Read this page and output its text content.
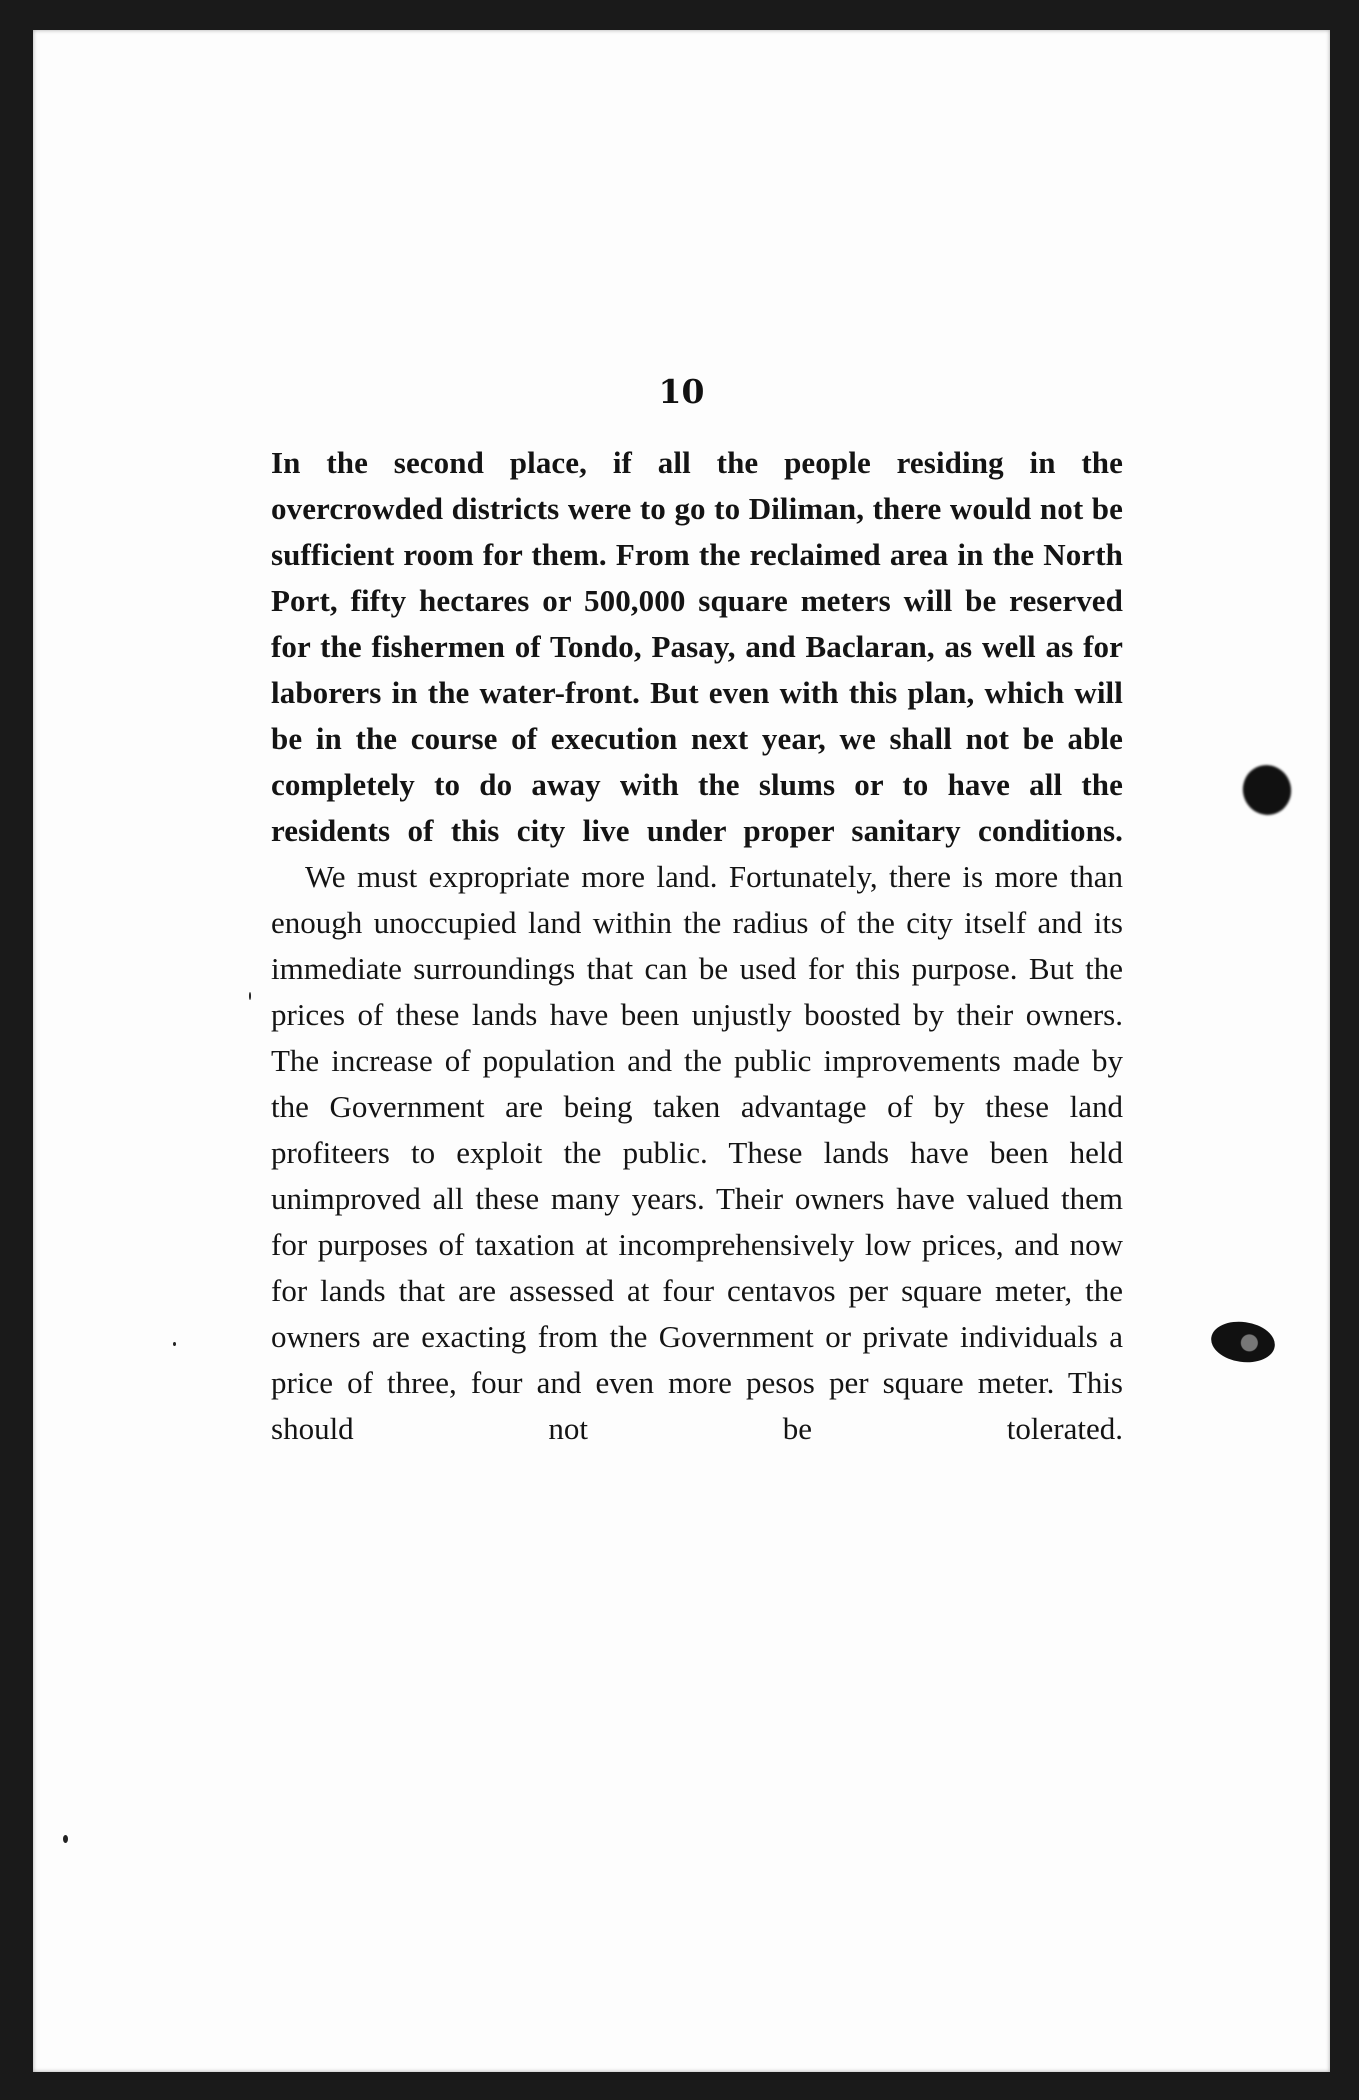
10

In the second place, if all the people residing in the overcrowded districts were to go to Diliman, there would not be sufficient room for them. From the reclaimed area in the North Port, fifty hectares or 500,000 square meters will be reserved for the fishermen of Tondo, Pasay, and Baclaran, as well as for laborers in the water-front. But even with this plan, which will be in the course of execution next year, we shall not be able completely to do away with the slums or to have all the residents of this city live under proper sanitary conditions.

We must expropriate more land. Fortunately, there is more than enough unoccupied land within the radius of the city itself and its immediate surroundings that can be used for this purpose. But the prices of these lands have been unjustly boosted by their owners. The increase of population and the public improvements made by the Government are being taken advantage of by these land profiteers to exploit the public. These lands have been held unimproved all these many years. Their owners have valued them for purposes of taxation at incomprehensively low prices, and now for lands that are assessed at four centavos per square meter, the owners are exacting from the Government or private individuals a price of three, four and even more pesos per square meter. This should not be tolerated.
